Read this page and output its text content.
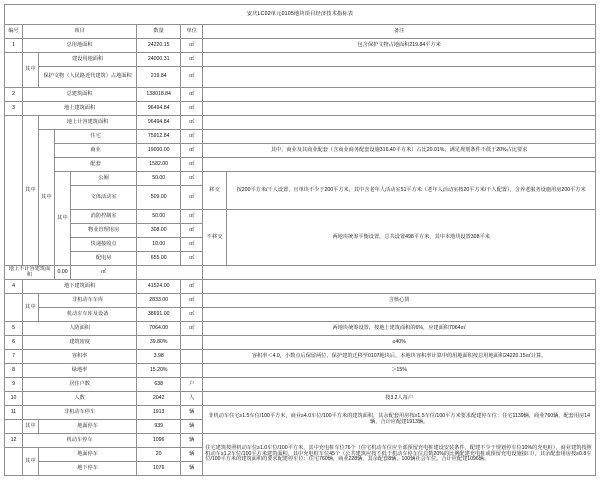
安庆LC02单元0105地块项目经济技术指标表								
编号	项目				数量	单位	备注	
1	总用地面积				24220.15	㎡	包含保护文物占地面积219.84平方米	
	其中	建设用地面积			24000.31	㎡		
		保护文物（人民路近代建筑）占地面积			219.84	㎡		
2	总建筑面积				138018.84	㎡		
3	地上建筑面积				96494.84	㎡		
	其中	地上计容建筑面积			96494.84	㎡		
		其中	住宅		75912.84	㎡		
			商业		19000.00	㎡	其中，商业及其商业配套（含商业商务配套设施316.40平方米）占比20.01%，满足规划条件不低于20%占比要求	
			配套		1582.00	㎡		
			其中	公厕	50.00	㎡	移交	按200平方米/千人设置，且单块不少于200平方米，其中含老年人活动室51平方米（老年人活动室按20平方米/千人配置），含养老服务设施用房200平方米
				文体活动室	509.00	㎡		
				消防控制室	50.00	㎡	不移交	两地块统筹平衡设置，总共设置498平方米，其中本地块设置308平米
				物业管理用房	308.00	㎡		
				快递接收点	10.00	㎡		
				配电房	655.00	㎡		
地上不计容建筑面积			0.00	㎡				
4	地下建筑面积				41524.00	㎡		
	其中	非机动车车库			2833.00	㎡	含核心筒	
		机动车车库及设备			38691.00	㎡		
5	人防面积				7064.00	㎡	两地块统筹设置，按地上建筑面积的6%，应建面积7064㎡	
6	建筑密度				39.80%		≤40%	
7	容积率				3.98		容积率＜4.0，小数点后保留两位，保护建筑迁移至0107地块后，本地块容积率计算中的用地面积按总用地面积24220.15㎡计算。	
8	绿地率				15.20%		＞15%	
9	居住户数				638	户		
10	人数				2042	人	按3.2人每户	
11	非机动车停车				1913	辆	非机动车住宅≥1.5车位/100平方米，商业≥4.0车位/100平方米的建筑面积，其余配套用房按≥1.5车位/100平方米要求配建停车位：住宅1139辆，商业760辆，配套用房14辆，合计应配建1913辆。	
	其中	地面停车			939	辆		
12	机动车停车				1096	辆	住宅建筑按照机动车位≥1.0车位/100平方米，其中充电桩车位76个（住宅机动车位应全部预留充电桩建设安装条件，配建不少于规划停车位10%的充电桩），商业建筑按照机动车≥1.2车位/100平方米建筑面积，其中充电桩车位45个（公共建筑应按不低于机动车停车位总数20%的比例配建充电桩或预留充电设施接口），其余配套用房按≥0.8车位/100平方米的建筑面积的要求配建停车位：住宅760辆，商业228辆，其余配套8辆，100辆社会车位。合计应配建1096辆。	
	其中	地面停车			20	辆		
		地下停车			1076	辆		
